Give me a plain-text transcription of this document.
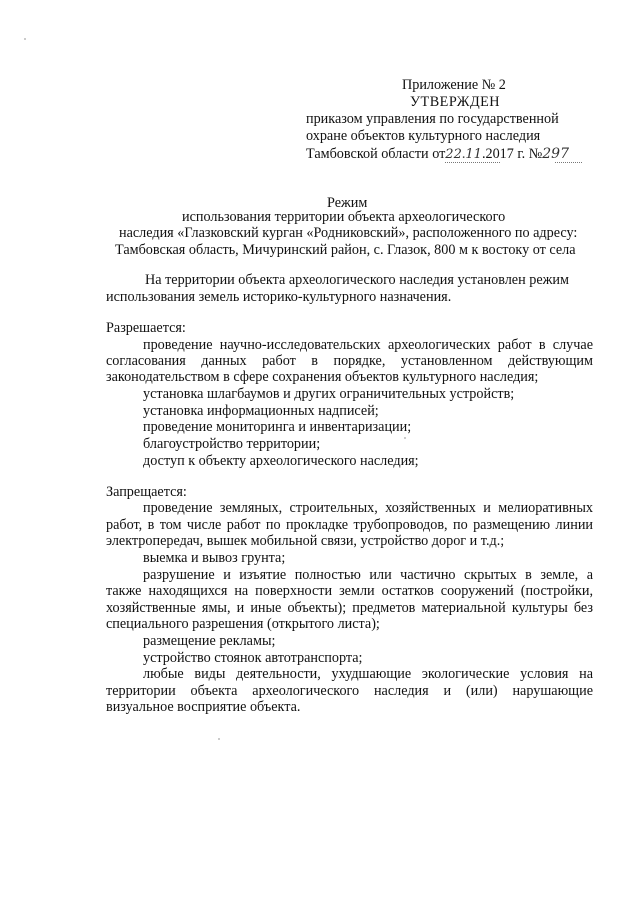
Приложение № 2
УТВЕРЖДЕН
приказом управления по государственной
охране объектов культурного наследия
Тамбовской области от22.11.2017 г. №297
Режим
использования территории объекта археологического
наследия «Глазковский курган «Родниковский», расположенного по адресу:
Тамбовская область, Мичуринский район, с. Глазок, 800 м к востоку от села
На территории объекта археологического наследия установлен режим
использования земель историко-культурного назначения.
Разрешается:
проведение научно-исследовательских археологических работ в случае
согласования данных работ в порядке, установленном действующим
законодательством в сфере сохранения объектов культурного наследия;
установка шлагбаумов и других ограничительных устройств;
установка информационных надписей;
проведение мониторинга и инвентаризации;
благоустройство территории;
доступ к объекту археологического наследия;
Запрещается:
проведение земляных, строительных, хозяйственных и мелиоративных
работ, в том числе работ по прокладке трубопроводов, по размещению линии
электропередач, вышек мобильной связи, устройство дорог и т.д.;
выемка и вывоз грунта;
разрушение и изъятие полностью или частично скрытых в земле, а
также находящихся на поверхности земли остатков сооружений (постройки,
хозяйственные ямы, и иные объекты); предметов материальной культуры без
специального разрешения (открытого листа);
размещение рекламы;
устройство стоянок автотранспорта;
любые виды деятельности, ухудшающие экологические условия на
территории объекта археологического наследия и (или) нарушающие
визуальное восприятие объекта.
